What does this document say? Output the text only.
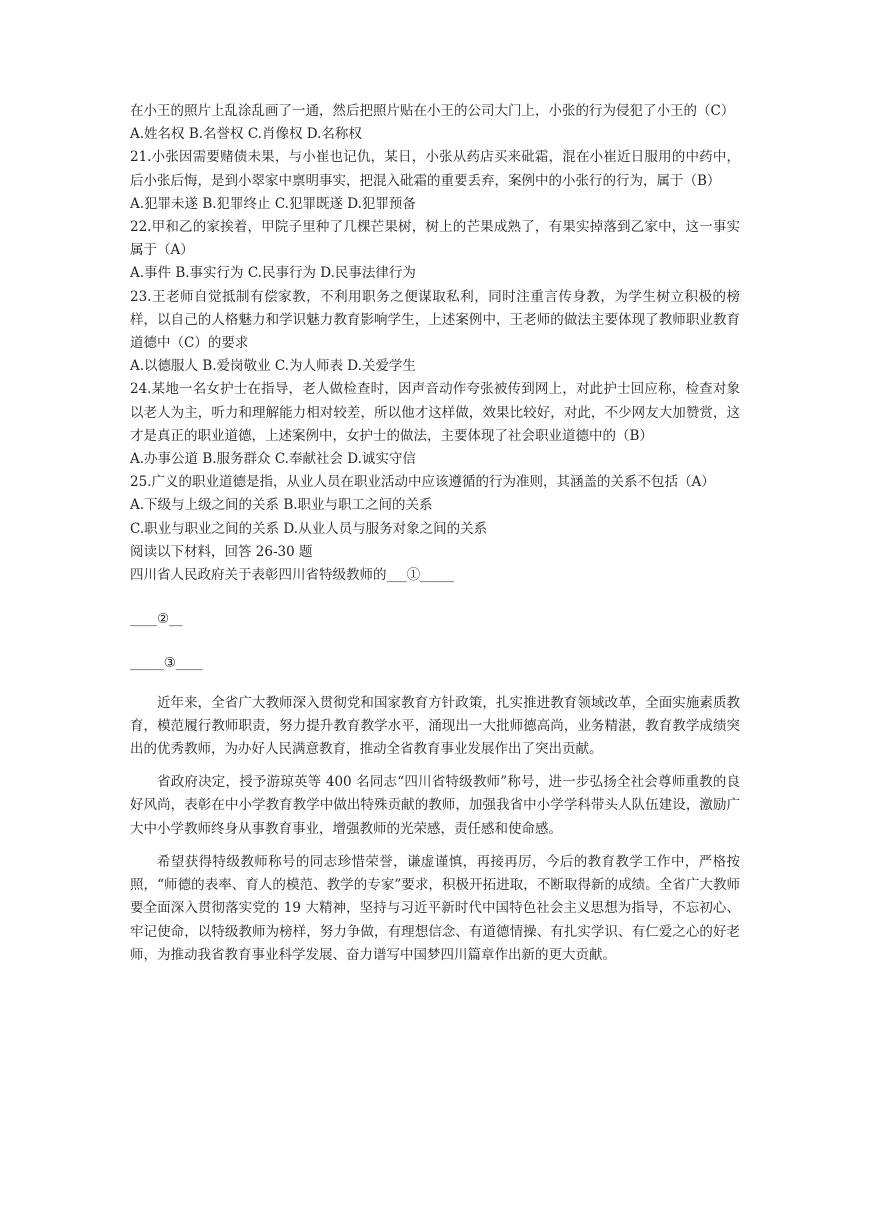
在小王的照片上乱涂乱画了一通，然后把照片贴在小王的公司大门上，小张的行为侵犯了小王的（C）

A.姓名权 B.名誉权 C.肖像权 D.名称权

21.小张因需要赌债未果，与小崔也记仇，某日，小张从药店买来砒霜，混在小崔近日服用的中药中，后小张后悔，是到小翠家中禀明事实，把混入砒霜的重要丢弃，案例中的小张行的行为，属于（B）

A.犯罪未遂 B.犯罪终止 C.犯罪既遂 D.犯罪预备

22.甲和乙的家挨着，甲院子里种了几棵芒果树，树上的芒果成熟了，有果实掉落到乙家中，这一事实属于（A）

A.事件 B.事实行为 C.民事行为 D.民事法律行为

23.王老师自觉抵制有偿家教，不利用职务之便谋取私利，同时注重言传身教，为学生树立积极的榜样，以自己的人格魅力和学识魅力教育影响学生，上述案例中，王老师的做法主要体现了教师职业教育道德中（C）的要求

A.以德服人 B.爱岗敬业 C.为人师表 D.关爱学生

24.某地一名女护士在指导，老人做检查时，因声音动作夸张被传到网上，对此护士回应称，检查对象以老人为主，听力和理解能力相对较差，所以他才这样做，效果比较好，对此，不少网友大加赞赏，这才是真正的职业道德，上述案例中，女护士的做法，主要体现了社会职业道德中的（B）

A.办事公道 B.服务群众 C.奉献社会 D.诚实守信

25.广义的职业道德是指，从业人员在职业活动中应该遵循的行为准则，其涵盖的关系不包括（A）

A.下级与上级之间的关系 B.职业与职工之间的关系

C.职业与职业之间的关系 D.从业人员与服务对象之间的关系

阅读以下材料，回答 26-30 题

四川省人民政府关于表彰四川省特级教师的___①_____

____②__

_____③____

近年来，全省广大教师深入贯彻党和国家教育方针政策，扎实推进教育领域改革，全面实施素质教育，模范履行教师职责，努力提升教育教学水平，涌现出一大批师德高尚，业务精湛，教育教学成绩突出的优秀教师，为办好人民满意教育，推动全省教育事业发展作出了突出贡献。

省政府决定，授予游琼英等 400 名同志“四川省特级教师”称号，进一步弘扬全社会尊师重教的良好风尚，表彰在中小学教育教学中做出特殊贡献的教师，加强我省中小学学科带头人队伍建设，激励广大中小学教师终身从事教育事业，增强教师的光荣感，责任感和使命感。

希望获得特级教师称号的同志珍惜荣誉，谦虚谨慎，再接再厉，今后的教育教学工作中，严格按照，“师德的表率、育人的模范、教学的专家”要求，积极开拓进取，不断取得新的成绩。全省广大教师要全面深入贯彻落实党的 19 大精神，坚持与习近平新时代中国特色社会主义思想为指导，不忘初心、牢记使命，以特级教师为榜样，努力争做，有理想信念、有道德情操、有扎实学识、有仁爱之心的好老师，为推动我省教育事业科学发展、奋力谱写中国梦四川篇章作出新的更大贡献。
